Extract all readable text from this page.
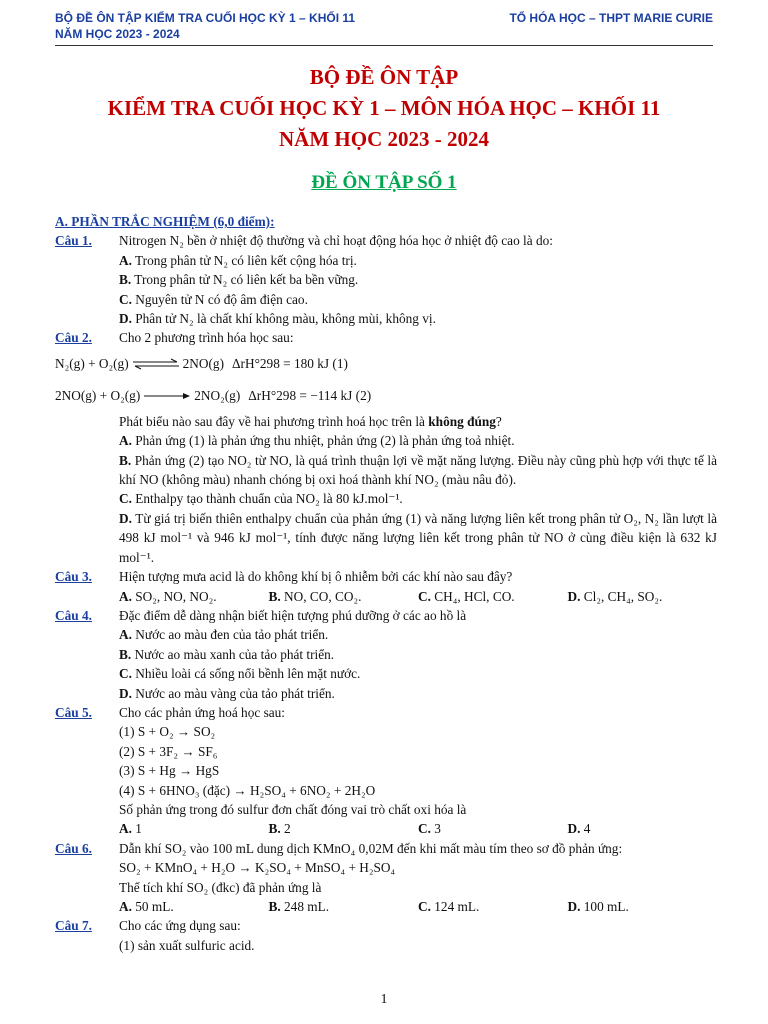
BỘ ĐỀ ÔN TẬP KIỂM TRA CUỐI HỌC KỲ 1 – KHỐI 11	TỔ HÓA HỌC – THPT MARIE CURIE
NĂM HỌC 2023 - 2024
BỘ ĐỀ ÔN TẬP
KIỂM TRA CUỐI HỌC KỲ 1 – MÔN HÓA HỌC – KHỐI 11
NĂM HỌC 2023 - 2024
ĐỀ ÔN TẬP SỐ 1
A. PHẦN TRẮC NGHIỆM (6,0 điểm):
Câu 1.	Nitrogen N₂ bền ở nhiệt độ thường và chỉ hoạt động hóa học ở nhiệt độ cao là do:
A. Trong phân tử N₂ có liên kết cộng hóa trị.
B. Trong phân tử N₂ có liên kết ba bền vững.
C. Nguyên tử N có độ âm điện cao.
D. Phân tử N₂ là chất khí không màu, không mùi, không vị.
Câu 2.	Cho 2 phương trình hóa học sau:
N₂(g) + O₂(g) ⇌ 2NO(g) ΔrH°298 = 180 kJ (1)
2NO(g) + O₂(g) → 2NO₂(g) ΔrH°298 = −114 kJ (2)
Phát biểu nào sau đây về hai phương trình hoá học trên là không đúng?
A. Phản ứng (1) là phản ứng thu nhiệt, phản ứng (2) là phản ứng toả nhiệt.
B. Phản ứng (2) tạo NO₂ từ NO, là quá trình thuận lợi về mặt năng lượng. Điều này cũng phù hợp với thực tế là khí NO (không màu) nhanh chóng bị oxi hoá thành khí NO₂ (màu nâu đỏ).
C. Enthalpy tạo thành chuẩn của NO₂ là 80 kJ.mol⁻¹.
D. Từ giá trị biến thiên enthalpy chuẩn của phản ứng (1) và năng lượng liên kết trong phân tử O₂, N₂ lần lượt là 498 kJ mol⁻¹ và 946 kJ mol⁻¹, tính được năng lượng liên kết trong phân tử NO ở cùng điều kiện là 632 kJ mol⁻¹.
Câu 3.	Hiện tượng mưa acid là do không khí bị ô nhiễm bởi các khí nào sau đây?
A. SO₂, NO, NO₂.	B. NO, CO, CO₂.	C. CH₄, HCl, CO.	D. Cl₂, CH₄, SO₂.
Câu 4.	Đặc điểm dễ dàng nhận biết hiện tượng phú dưỡng ở các ao hồ là
A. Nước ao màu đen của tảo phát triển.
B. Nước ao màu xanh của tảo phát triển.
C. Nhiều loài cá sống nổi bềnh lên mặt nước.
D. Nước ao màu vàng của tảo phát triển.
Câu 5.	Cho các phản ứng hoá học sau:
(1) S + O₂ → SO₂
(2) S + 3F₂ → SF₆
(3) S + Hg → HgS
(4) S + 6HNO₃ (đặc) → H₂SO₄ + 6NO₂ + 2H₂O
Số phản ứng trong đó sulfur đơn chất đóng vai trò chất oxi hóa là
A. 1	B. 2	C. 3	D. 4
Câu 6.	Dẫn khí SO₂ vào 100 mL dung dịch KMnO₄ 0,02M đến khi mất màu tím theo sơ đồ phản ứng:
SO₂ + KMnO₄ + H₂O → K₂SO₄ + MnSO₄ + H₂SO₄
Thể tích khí SO₂ (đkc) đã phản ứng là
A. 50 mL.	B. 248 mL.	C. 124 mL.	D. 100 mL.
Câu 7.	Cho các ứng dụng sau:
(1) sản xuất sulfuric acid.
1
